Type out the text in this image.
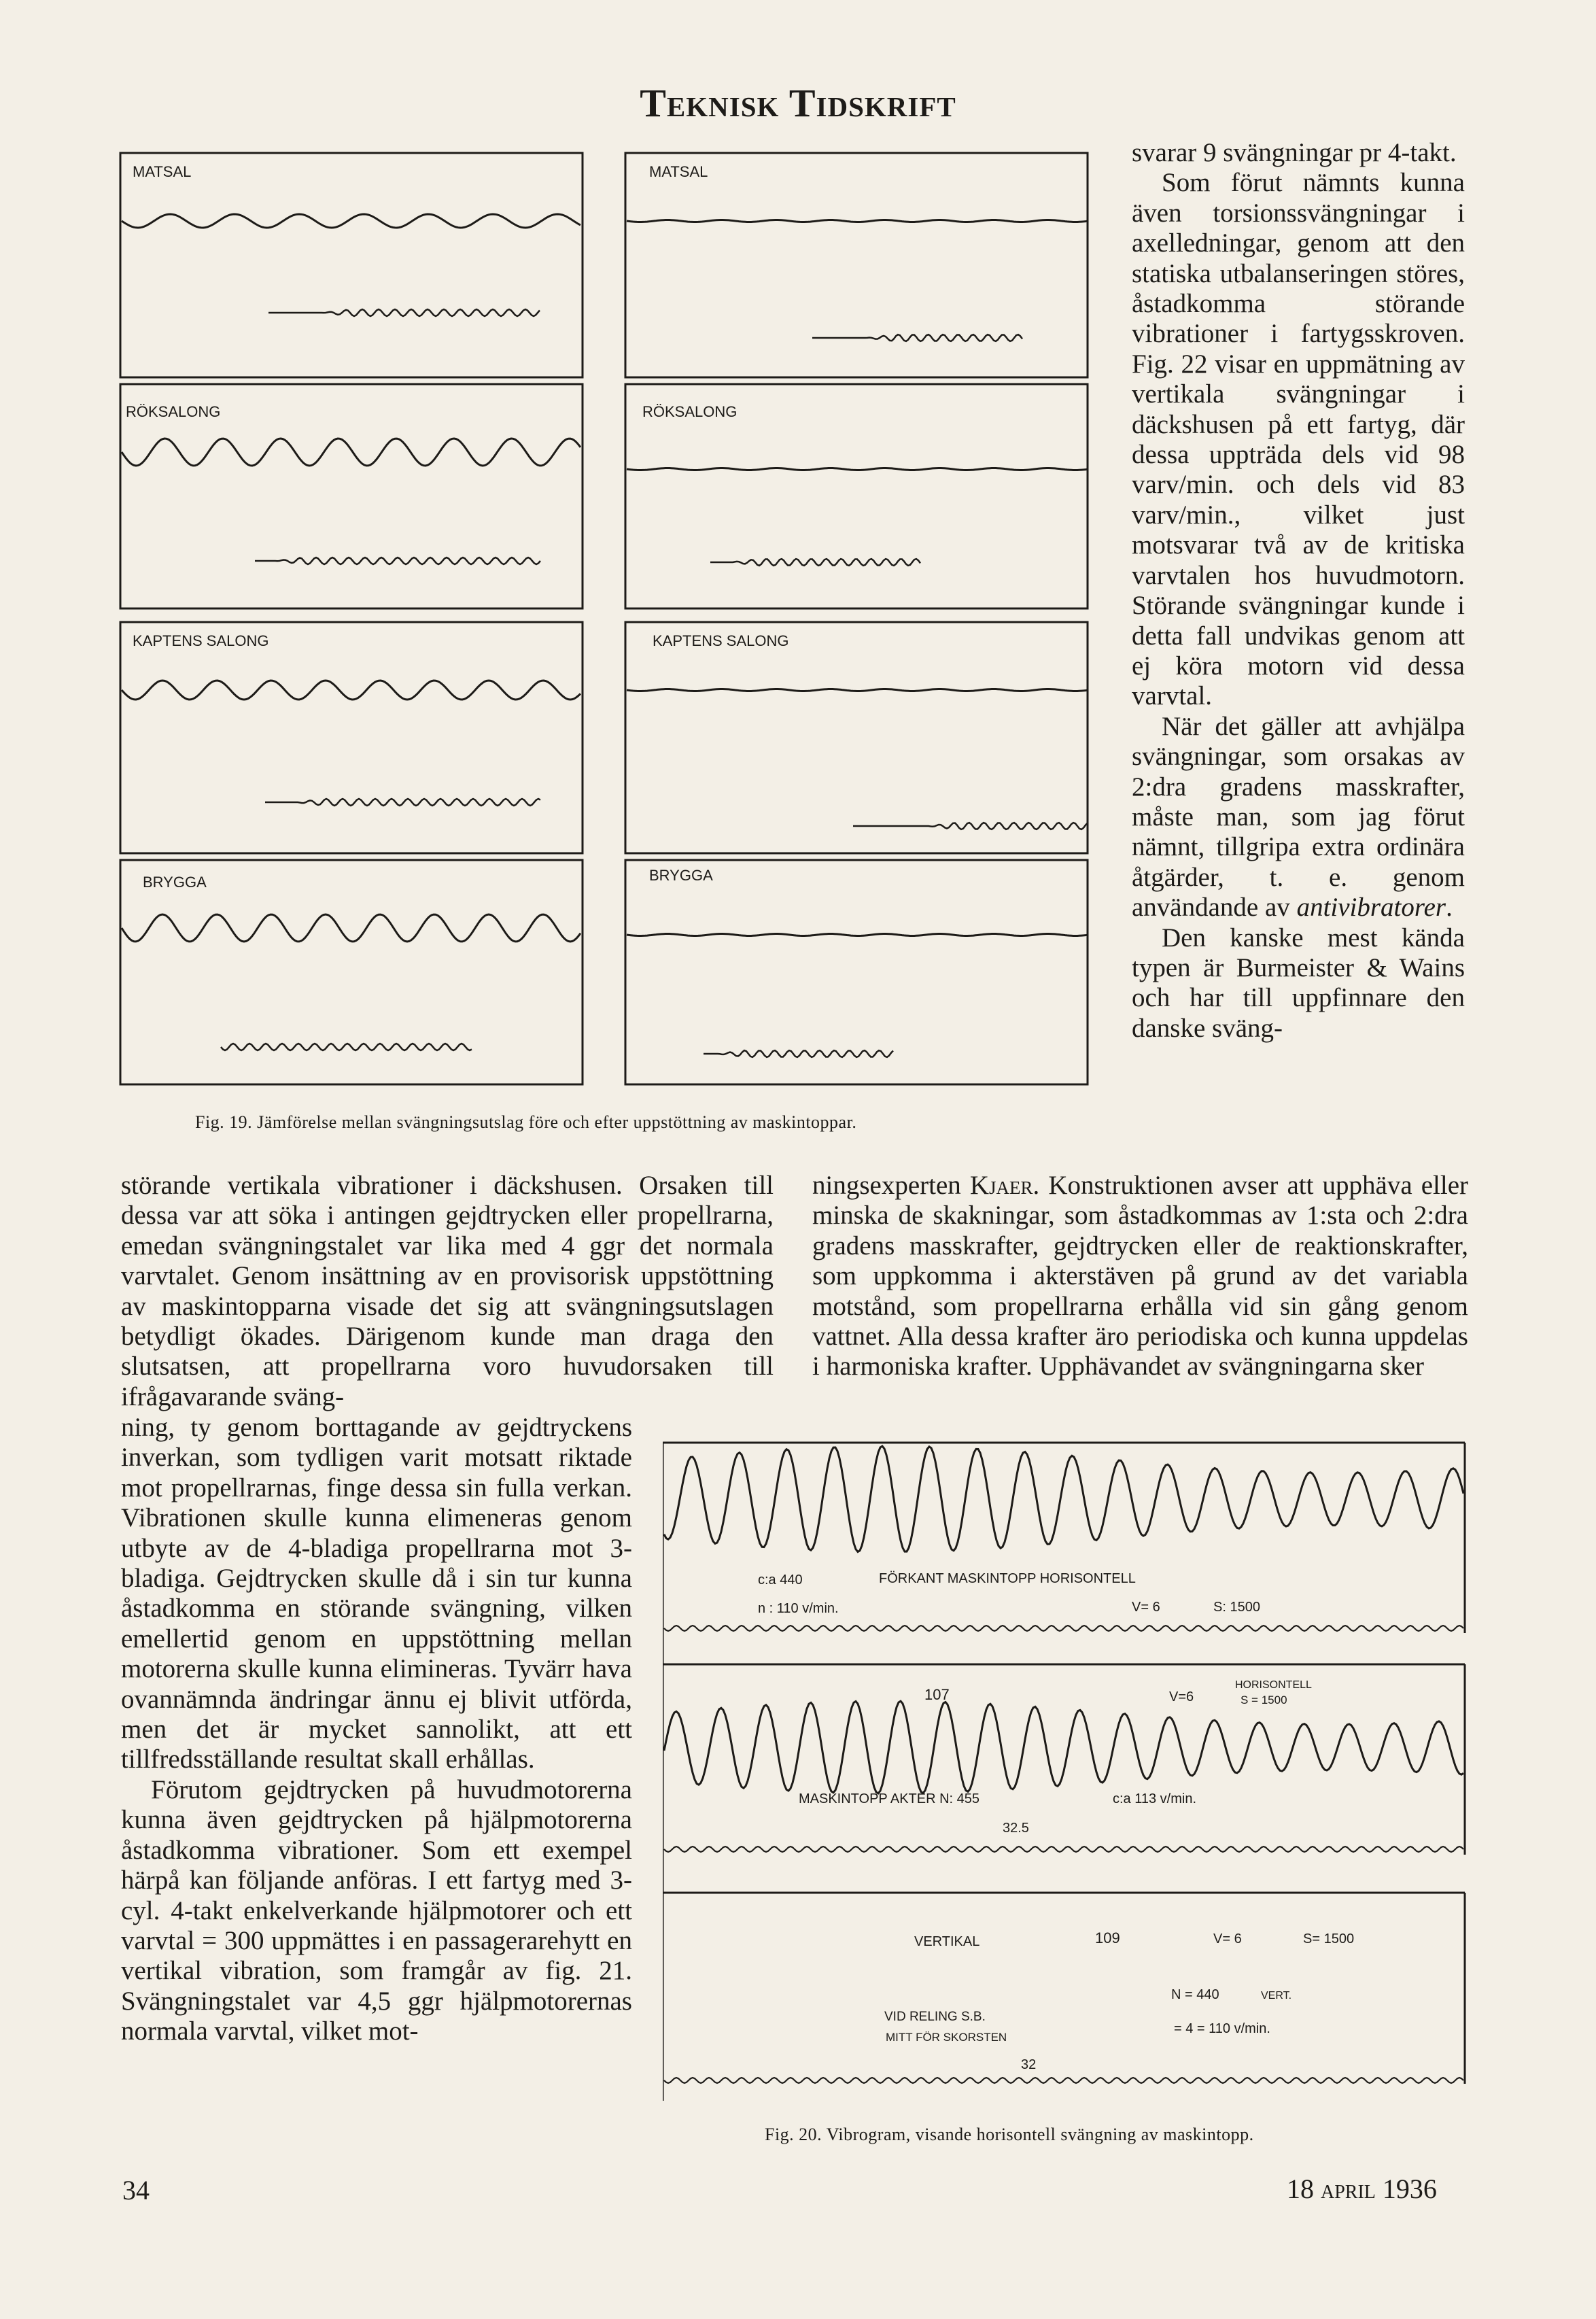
Teknisk Tidskrift
MATSAL
RÖKSALONG
KAPTENS SALONG
BRYGGA
MATSAL
RÖKSALONG
KAPTENS SALONG
BRYGGA
Fig. 19. Jämförelse mellan svängningsutslag före och efter uppstöttning av maskintoppar.

svarar 9 svängningar pr 4-takt.

Som förut nämnts kunna även torsionssvängningar i axelledningar, genom att den statiska utbalanseringen störes, åstadkomma störande vibrationer i fartygsskroven. Fig. 22 visar en uppmätning av vertikala svängningar i däckshusen på ett fartyg, där dessa uppträda dels vid 98 varv/min. och dels vid 83 varv/min., vilket just motsvarar två av de kritiska varvtalen hos huvudmotorn. Störande svängningar kunde i detta fall undvikas genom att ej köra motorn vid dessa varvtal.

När det gäller att avhjälpa svängningar, som orsakas av 2:dra gradens masskrafter, måste man, som jag förut nämnt, tillgripa extra ordinära åtgärder, t. e. genom användande av antivibratorer.

Den kanske mest kända typen är Burmeister & Wains och har till uppfinnare den danske sväng-

störande vertikala vibrationer i däckshusen. Orsaken till dessa var att söka i antingen gejdtrycken eller propellrarna, emedan svängningstalet var lika med 4 ggr det normala varvtalet. Genom insättning av en provisorisk uppstöttning av maskintopparna visade det sig att svängningsutslagen betydligt ökades. Därigenom kunde man draga den slutsatsen, att propellrarna voro huvudorsaken till ifrågavarande sväng-

ning, ty genom borttagande av gejdtryckens inverkan, som tydligen varit motsatt riktade mot propellrarnas, finge dessa sin fulla verkan. Vibrationen skulle kunna elimeneras genom utbyte av de 4-bladiga propellrarna mot 3-bladiga. Gejdtrycken skulle då i sin tur kunna åstadkomma en störande svängning, vilken emellertid genom en uppstöttning mellan motorerna skulle kunna elimineras. Tyvärr hava ovannämnda ändringar ännu ej blivit utförda, men det är mycket sannolikt, att ett tillfredsställande resultat skall erhållas.

Förutom gejdtrycken på huvudmotorerna kunna även gejdtrycken på hjälpmotorerna åstadkomma vibrationer. Som ett exempel härpå kan följande anföras. I ett fartyg med 3-cyl. 4-takt enkelverkande hjälpmotorer och ett varvtal = 300 uppmättes i en passagerarehytt en vertikal vibration, som framgår av fig. 21. Svängningstalet var 4,5 ggr hjälpmotorernas normala varvtal, vilket mot-

ningsexperten Kjaer. Konstruktionen avser att upphäva eller minska de skakningar, som åstadkommas av 1:sta och 2:dra gradens masskrafter, gejdtrycken eller de reaktionskrafter, som uppkomma i akterstäven på grund av det variabla motstånd, som propellrarna erhålla vid sin gång genom vattnet. Alla dessa krafter äro periodiska och kunna uppdelas i harmoniska krafter. Upphävandet av svängningarna sker

c:a 440
n : 110 v/min.
FÖRKANT MASKINTOPP HORISONTELL
V= 6	S: 1500
107	V=6
HORISONTELL
S = 1500
MASKINTOPP AKTER N: 455	c:a 113 v/min.
32.5
VERTIKAL	109	V= 6	S= 1500
N = 440	VERT.
= 4 = 110 v/min.
VID RELING S.B.
MITT FÖR SKORSTEN
32
Fig. 20. Vibrogram, visande horisontell svängning av maskintopp.
34	18 april 1936
